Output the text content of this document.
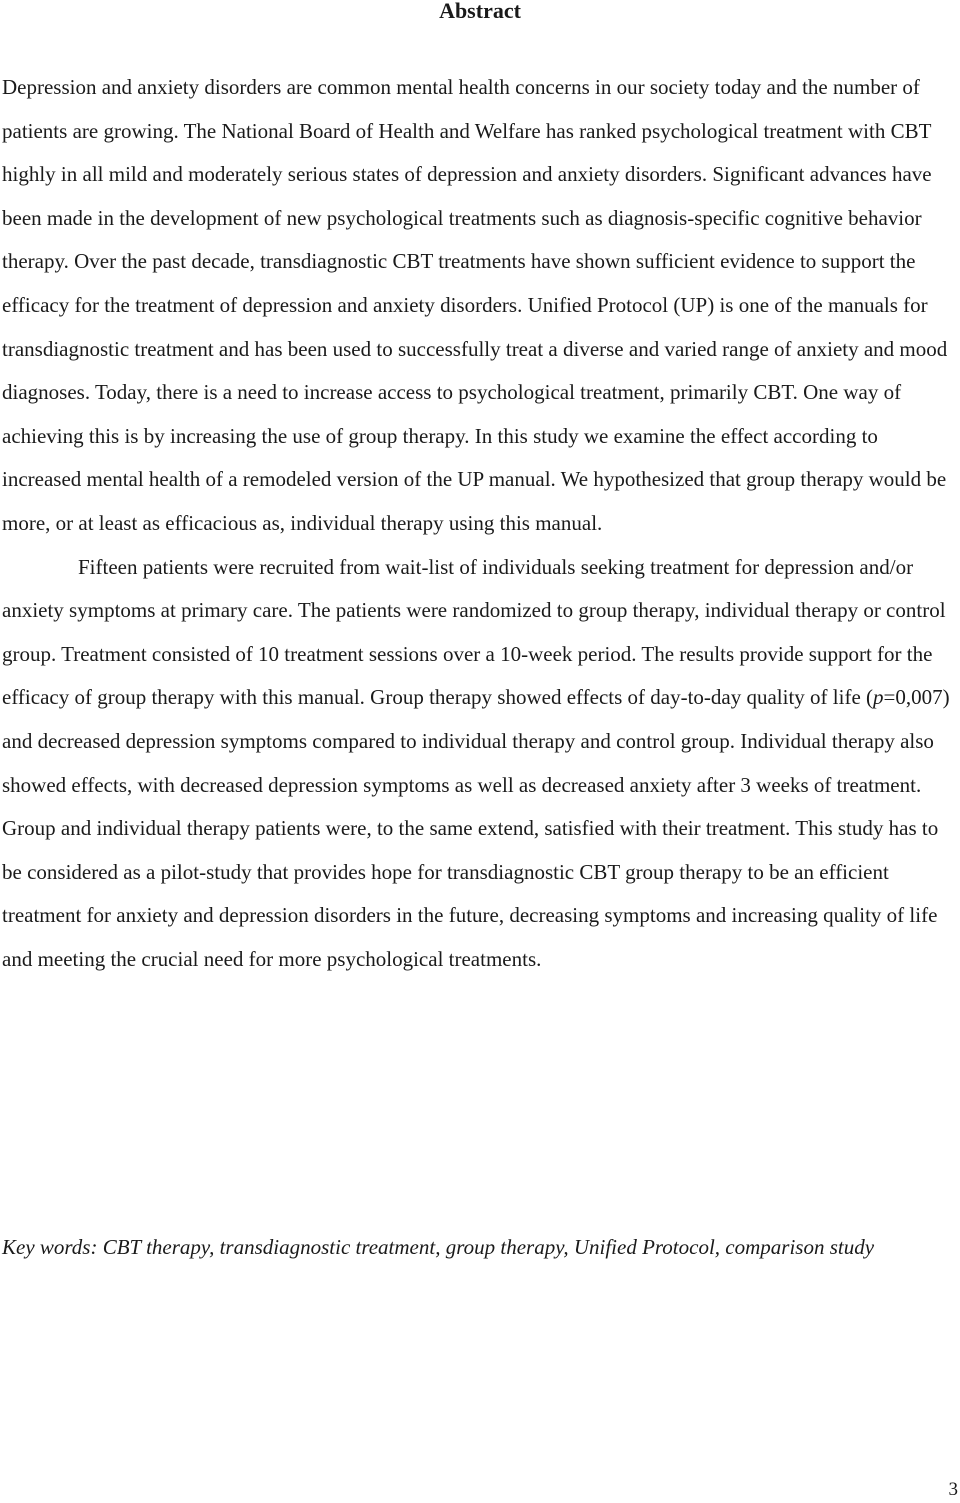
Abstract

Depression and anxiety disorders are common mental health concerns in our society today and the number of patients are growing. The National Board of Health and Welfare has ranked psychological treatment with CBT highly in all mild and moderately serious states of depression and anxiety disorders. Significant advances have been made in the development of new psychological treatments such as diagnosis-specific cognitive behavior therapy. Over the past decade, transdiagnostic CBT treatments have shown sufficient evidence to support the efficacy for the treatment of depression and anxiety disorders. Unified Protocol (UP) is one of the manuals for transdiagnostic treatment and has been used to successfully treat a diverse and varied range of anxiety and mood diagnoses. Today, there is a need to increase access to psychological treatment, primarily CBT. One way of achieving this is by increasing the use of group therapy. In this study we examine the effect according to increased mental health of a remodeled version of the UP manual. We hypothesized that group therapy would be more, or at least as efficacious as, individual therapy using this manual.

Fifteen patients were recruited from wait-list of individuals seeking treatment for depression and/or anxiety symptoms at primary care. The patients were randomized to group therapy, individual therapy or control group. Treatment consisted of 10 treatment sessions over a 10-week period. The results provide support for the efficacy of group therapy with this manual. Group therapy showed effects of day-to-day quality of life (p=0,007) and decreased depression symptoms compared to individual therapy and control group. Individual therapy also showed effects, with decreased depression symptoms as well as decreased anxiety after 3 weeks of treatment. Group and individual therapy patients were, to the same extend, satisfied with their treatment. This study has to be considered as a pilot-study that provides hope for transdiagnostic CBT group therapy to be an efficient treatment for anxiety and depression disorders in the future, decreasing symptoms and increasing quality of life and meeting the crucial need for more psychological treatments.

Key words: CBT therapy, transdiagnostic treatment, group therapy, Unified Protocol, comparison study
3
